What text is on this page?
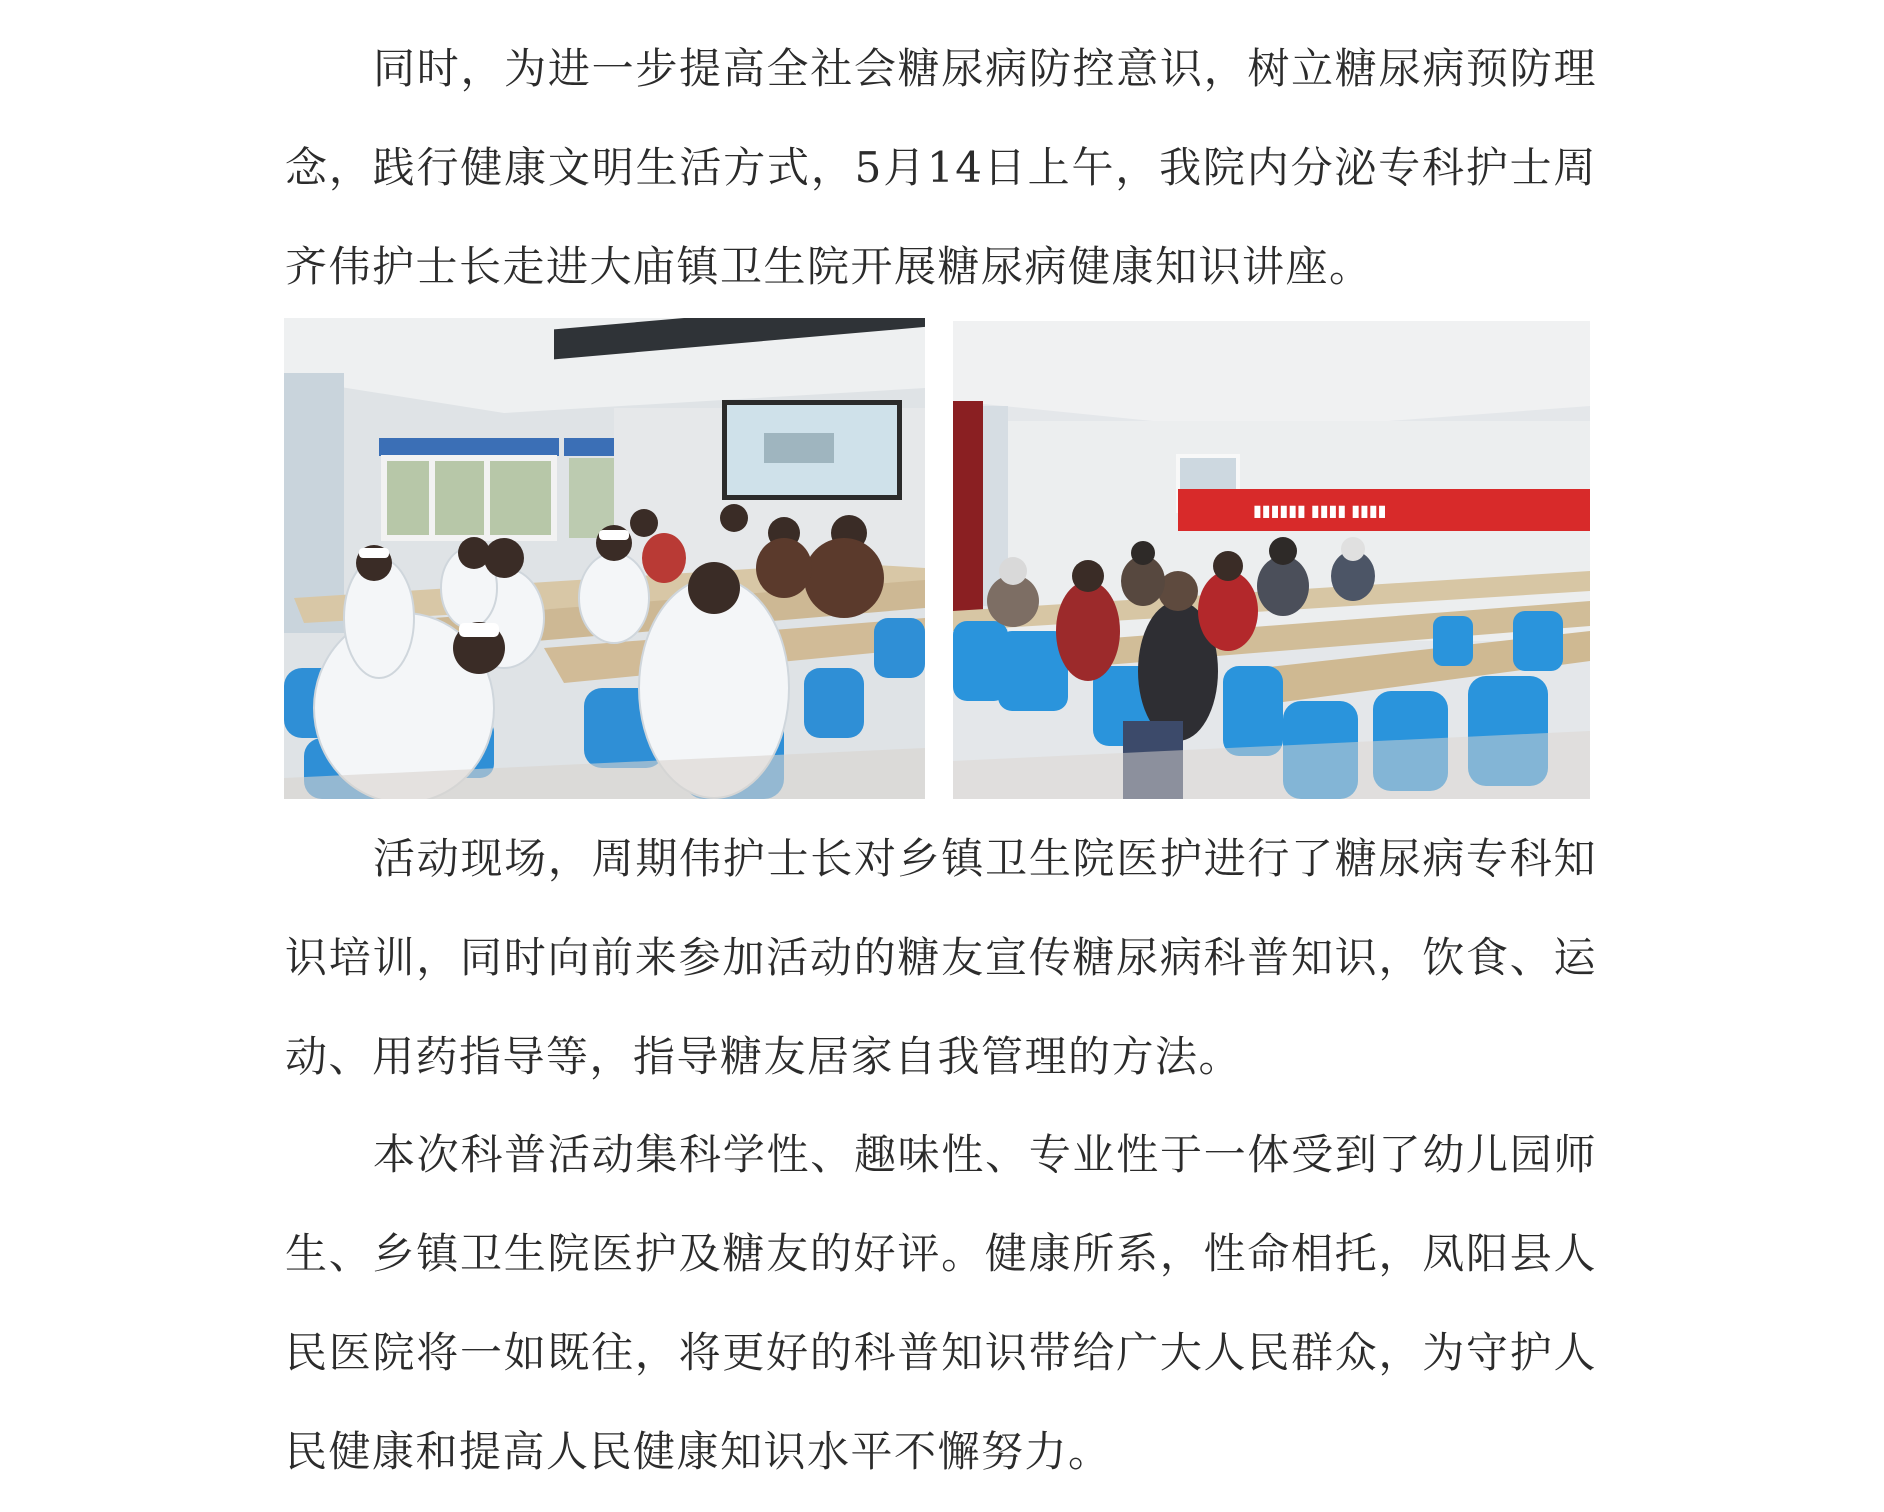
同时，为进一步提高全社会糖尿病防控意识，树立糖尿病预防理念，践行健康文明生活方式，5月14日上午，我院内分泌专科护士周齐伟护士长走进大庙镇卫生院开展糖尿病健康知识讲座。

▮▮▮▮▮▮ ▮▮▮▮ ▮▮▮▮

活动现场，周期伟护士长对乡镇卫生院医护进行了糖尿病专科知识培训，同时向前来参加活动的糖友宣传糖尿病科普知识，饮食、运动、用药指导等，指导糖友居家自我管理的方法。

本次科普活动集科学性、趣味性、专业性于一体受到了幼儿园师生、乡镇卫生院医护及糖友的好评。健康所系，性命相托，凤阳县人民医院将一如既往，将更好的科普知识带给广大人民群众，为守护人民健康和提高人民健康知识水平不懈努力。
